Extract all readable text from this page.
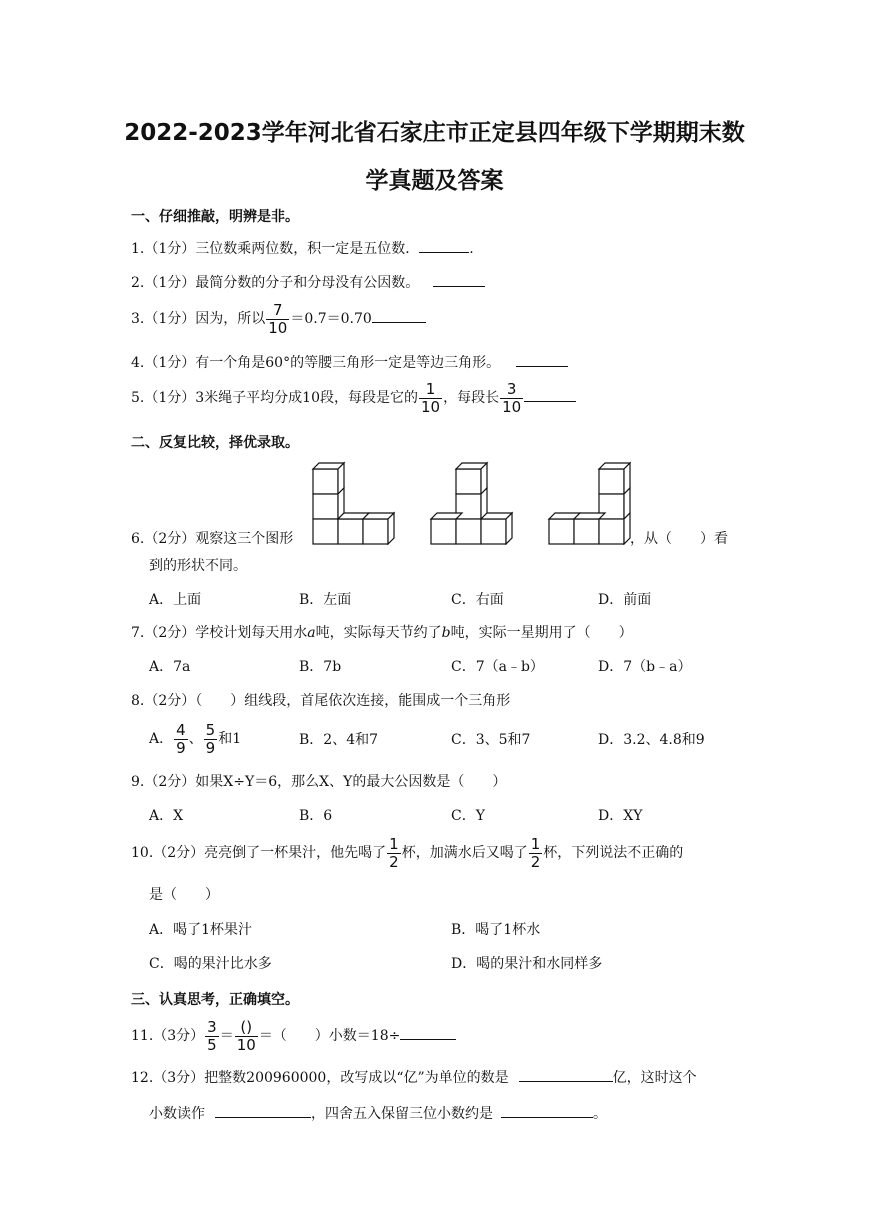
2022-2023学年河北省石家庄市正定县四年级下学期期末数
学真题及答案
一、仔细推敲，明辨是非。
1.（1分）三位数乘两位数，积一定是五位数．	.
2.（1分）最简分数的分子和分母没有公因数。
3.（1分）因为，所以 $\frac{7}{10} =0.7=0.70$
4.（1分）有一个角是60°的等腰三角形一定是等边三角形。
5.（1分）3米绳子平均分成10段，每段是它的 $\frac{1}{10}$ ，每段长 $\frac{3}{10}$
二、反复比较，择优录取。
6.（2分）观察这三个图形	，从（　　）看
到的形状不同。
A．上面	B．左面	C．右面	D．前面
7.（2分）学校计划每天用水a吨，实际每天节约了b吨，实际一星期用了（　　）
A．7a	B．7b	C．7（a﹣b）	D．7（b﹣a）
8.（2分）（　　）组线段，首尾依次连接，能围成一个三角形
A． $\frac{4}{9}$ 、 $\frac{5}{9}$ 和1	B．2、4和7	C．3、5和7	D．3.2、4.8和9
9.（2分）如果X÷Y＝6，那么X、Y的最大公因数是（　　）
A．X	B．6	C．Y	D．XY
10.（2分）亮亮倒了一杯果汁，他先喝了 $\frac{1}{2}$ 杯，加满水后又喝了 $\frac{1}{2}$ 杯，下列说法不正确的
是（　　）
A．喝了1杯果汁	B．喝了1杯水
C．喝的果汁比水多	D．喝的果汁和水同样多
三、认真思考，正确填空。
11.（3分） $\frac{3}{5} = \frac{()}{10}$ ＝（　　）小数＝18÷
12.（3分）把整数200960000，改写成以“亿”为单位的数是	亿，这时这个
小数读作	，四舍五入保留三位小数约是	。
